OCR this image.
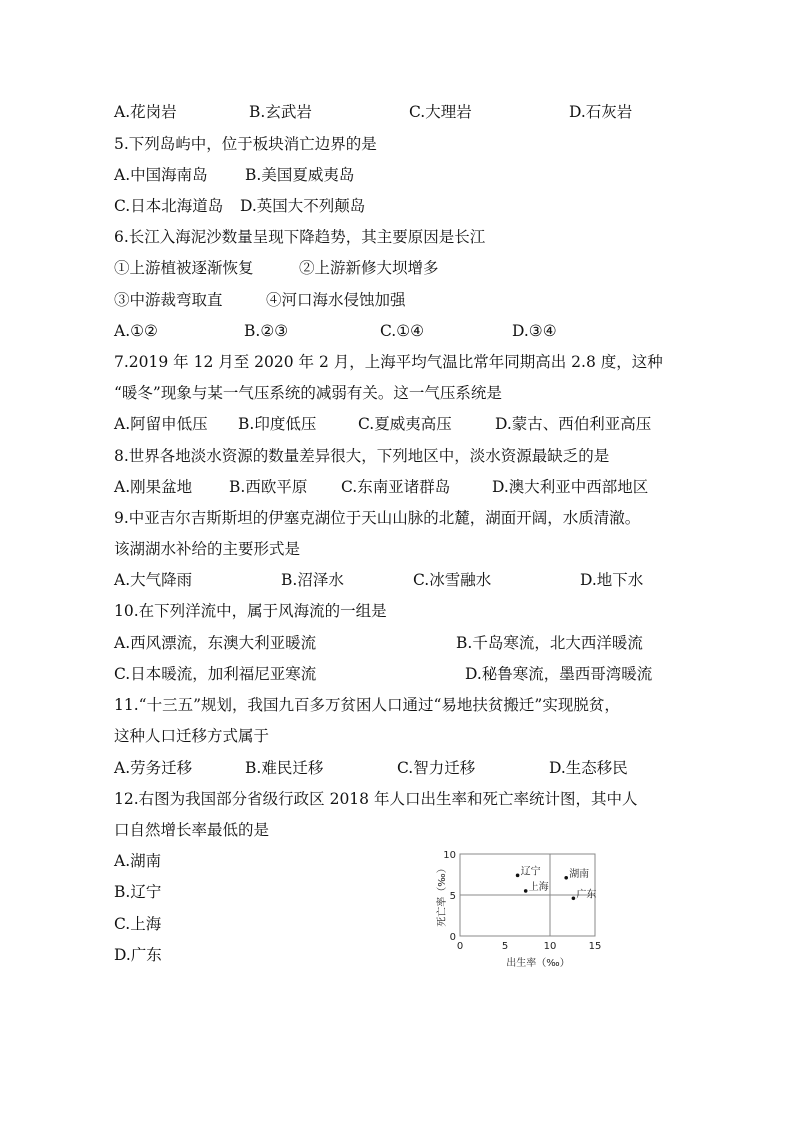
A.花岗岩	B.玄武岩	C.大理岩	D.石灰岩
5.下列岛屿中，位于板块消亡边界的是
A.中国海南岛 B.美国夏威夷岛
C.日本北海道岛 D.英国大不列颠岛
6.长江入海泥沙数量呈现下降趋势，其主要原因是长江
①上游植被逐渐恢复	②上游新修大坝增多
③中游裁弯取直	④河口海水侵蚀加强
A.①②	B.②③	C.①④	D.③④
7.2019 年 12 月至 2020 年 2 月，上海平均气温比常年同期高出 2.8 度，这种
“暖冬”现象与某一气压系统的减弱有关。这一气压系统是
A.阿留申低压 B.印度低压	C.夏威夷高压	D.蒙古、西伯利亚高压
8.世界各地淡水资源的数量差异很大，下列地区中，淡水资源最缺乏的是
A.刚果盆地 B.西欧平原 C.东南亚诸群岛	D.澳大利亚中西部地区
9.中亚吉尔吉斯斯坦的伊塞克湖位于天山山脉的北麓，湖面开阔，水质清澈。
该湖湖水补给的主要形式是
A.大气降雨	B.沼泽水	C.冰雪融水	D.地下水
10.在下列洋流中，属于风海流的一组是
A.西风漂流，东澳大利亚暖流	B.千岛寒流，北大西洋暖流
C.日本暖流，加利福尼亚寒流	D.秘鲁寒流，墨西哥湾暖流
11.“十三五”规划，我国九百多万贫困人口通过“易地扶贫搬迁”实现脱贫，
这种人口迁移方式属于
A.劳务迁移	B.难民迁移	C.智力迁移	D.生态移民
12.右图为我国部分省级行政区 2018 年人口出生率和死亡率统计图，其中人
口自然增长率最低的是
A.湖南
B.辽宁
C.上海
D.广东	0	5	10	15
0
5
10
辽宁
上海
湖南
广东
出生率（‰）
死亡率（‰）
